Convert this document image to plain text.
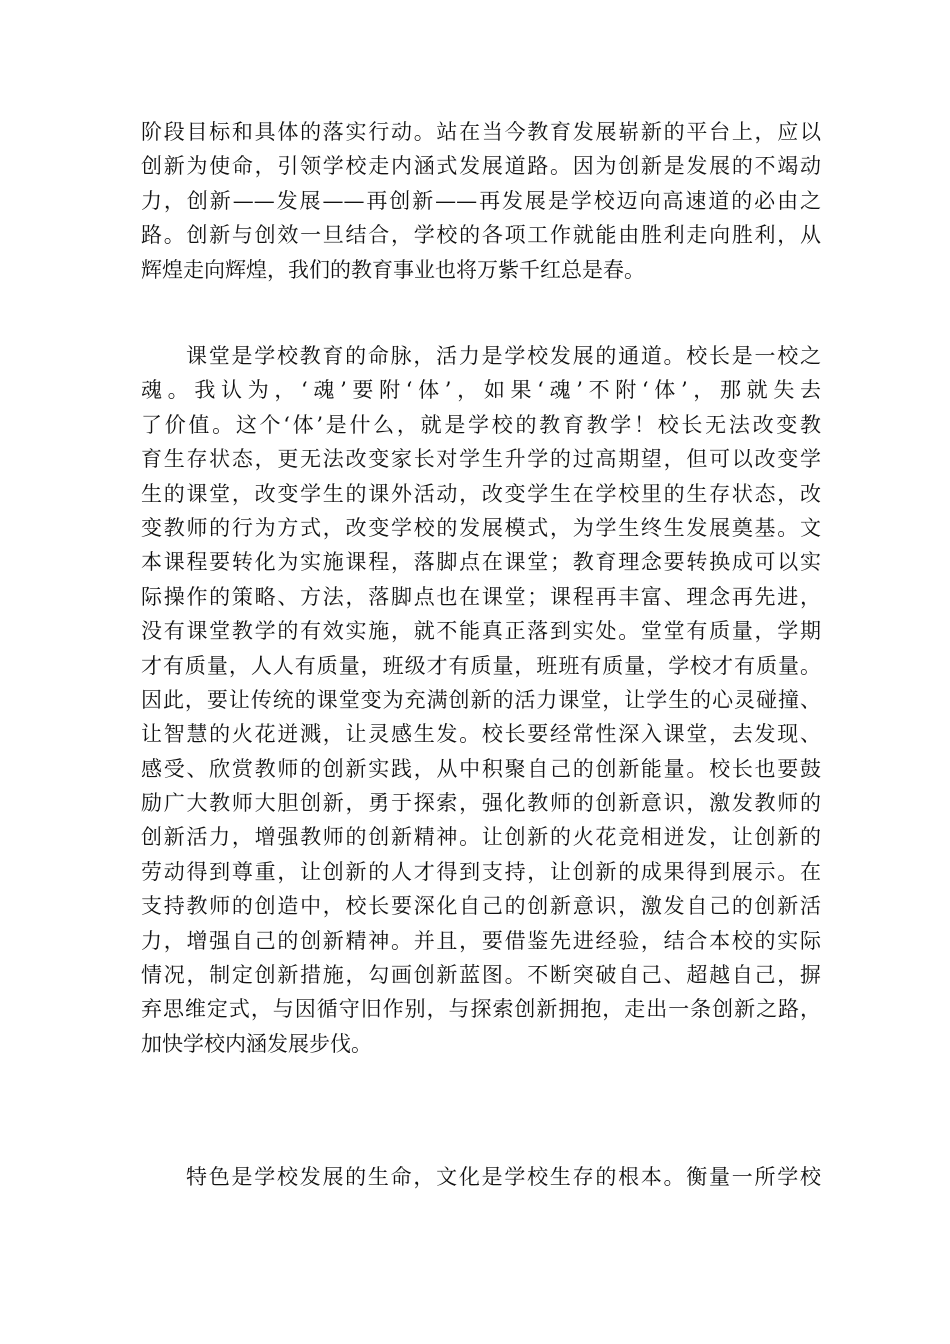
阶段目标和具体的落实行动。站在当今教育发展崭新的平台上，应以
创新为使命，引领学校走内涵式发展道路。因为创新是发展的不竭动
力，创新——发展——再创新——再发展是学校迈向高速道的必由之
路。创新与创效一旦结合，学校的各项工作就能由胜利走向胜利，从
辉煌走向辉煌，我们的教育事业也将万紫千红总是春。
课堂是学校教育的命脉，活力是学校发展的通道。校长是一校之
魂。我认为，‘魂’要附‘体’，如果‘魂’不附‘体’，那就失去
了价值。这个‘体’是什么，就是学校的教育教学！校长无法改变教
育生存状态，更无法改变家长对学生升学的过高期望，但可以改变学
生的课堂，改变学生的课外活动，改变学生在学校里的生存状态，改
变教师的行为方式，改变学校的发展模式，为学生终生发展奠基。文
本课程要转化为实施课程，落脚点在课堂；教育理念要转换成可以实
际操作的策略、方法，落脚点也在课堂；课程再丰富、理念再先进，
没有课堂教学的有效实施，就不能真正落到实处。堂堂有质量，学期
才有质量，人人有质量，班级才有质量，班班有质量，学校才有质量。
因此，要让传统的课堂变为充满创新的活力课堂，让学生的心灵碰撞、
让智慧的火花迸溅，让灵感生发。校长要经常性深入课堂，去发现、
感受、欣赏教师的创新实践，从中积聚自己的创新能量。校长也要鼓
励广大教师大胆创新，勇于探索，强化教师的创新意识，激发教师的
创新活力，增强教师的创新精神。让创新的火花竞相迸发，让创新的
劳动得到尊重，让创新的人才得到支持，让创新的成果得到展示。在
支持教师的创造中，校长要深化自己的创新意识，激发自己的创新活
力，增强自己的创新精神。并且，要借鉴先进经验，结合本校的实际
情况，制定创新措施，勾画创新蓝图。不断突破自己、超越自己，摒
弃思维定式，与因循守旧作别，与探索创新拥抱，走出一条创新之路，
加快学校内涵发展步伐。
特色是学校发展的生命，文化是学校生存的根本。衡量一所学校
